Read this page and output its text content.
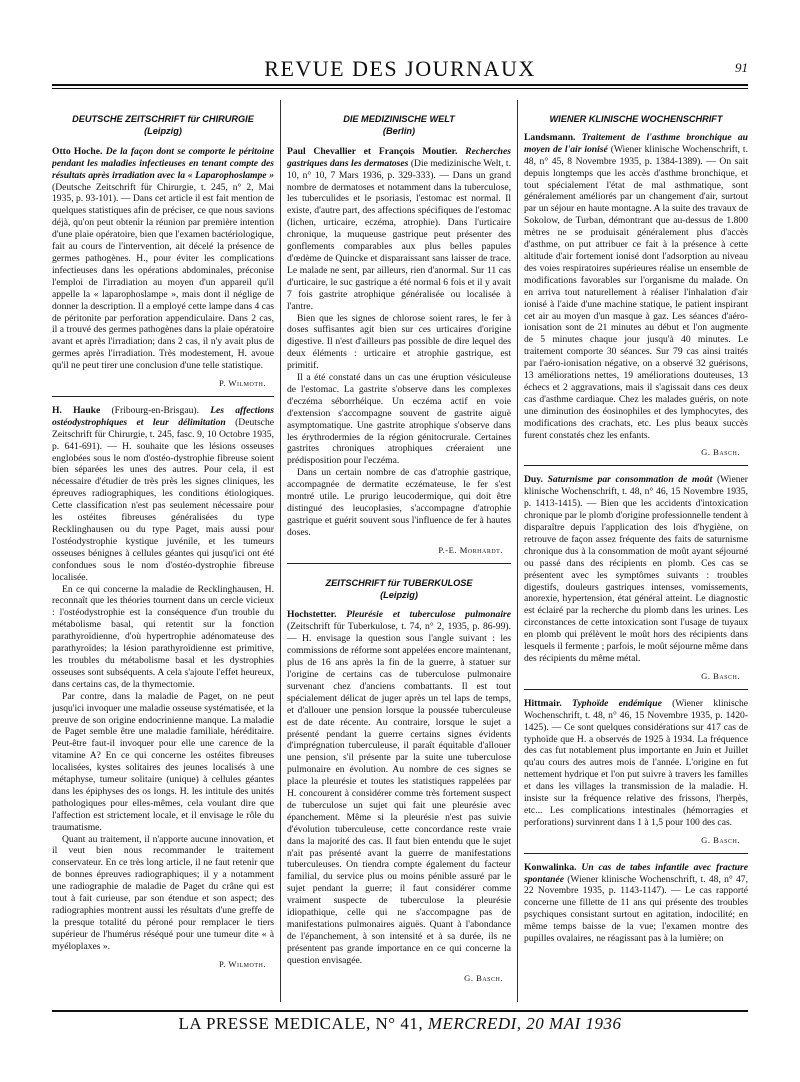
REVUE DES JOURNAUX	91
DEUTSCHE ZEITSCHRIFT für CHIRURGIE
(Leipzig)

Otto Hoche. De la façon dont se comporte le péritoine pendant les maladies infectieuses en tenant compte des résultats après irradiation avec la « Laparophoslampe » (Deutsche Zeitschrift für Chirurgie, t. 245, n° 2, Mai 1935, p. 93-101). — Dans cet article il est fait mention de quelques statistiques afin de préciser, ce que nous savions déjà, qu'on peut obtenir la réunion par première intention d'une plaie opératoire, bien que l'examen bactériologique, fait au cours de l'intervention, ait décelé la présence de germes pathogènes. H., pour éviter les complications infectieuses dans les opérations abdominales, préconise l'emploi de l'irradiation au moyen d'un appareil qu'il appelle la « laparophoslampe », mais dont il néglige de donner la description. Il a employé cette lampe dans 4 cas de péritonite par perforation appendiculaire. Dans 2 cas, il a trouvé des germes pathogènes dans la plaie opératoire avant et après l'irradiation; dans 2 cas, il n'y avait plus de germes après l'irradiation. Très modestement, H. avoue qu'il ne peut tirer une conclusion d'une telle statistique.

P. Wilmoth.

H. Hauke (Fribourg-en-Brisgau). Les affections ostéodystrophiques et leur délimitation (Deutsche Zeitschrift für Chirurgie, t. 245, fasc. 9, 10 Octobre 1935, p. 641-691). — H. souhaite que les lésions osseuses englobées sous le nom d'ostéo-dystrophie fibreuse soient bien séparées les unes des autres. Pour cela, il est nécessaire d'étudier de très près les signes cliniques, les épreuves radiographiques, les conditions étiologiques. Cette classification n'est pas seulement nécessaire pour les ostéites fibreuses généralisées du type Recklinghausen ou du type Paget, mais aussi pour l'ostéodystrophie kystique juvénile, et les tumeurs osseuses bénignes à cellules géantes qui jusqu'ici ont été confondues sous le nom d'ostéo-dystrophie fibreuse localisée.

En ce qui concerne la maladie de Recklinghausen, H. reconnaît que les théories tournent dans un cercle vicieux : l'ostéodystrophie est la conséquence d'un trouble du métabolisme basal, qui retentit sur la fonction parathyroïdienne, d'où hypertrophie adénomateuse des parathyroïdes; la lésion parathyroïdienne est primitive, les troubles du métabolisme basal et les dystrophies osseuses sont subséquents. A cela s'ajoute l'effet heureux, dans certains cas, de la thymectomie.

Par contre, dans la maladie de Paget, on ne peut jusqu'ici invoquer une maladie osseuse systématisée, et la preuve de son origine endocrinienne manque. La maladie de Paget semble être une maladie familiale, héréditaire. Peut-être faut-il invoquer pour elle une carence de la vitamine A? En ce qui concerne les ostéites fibreuses localisées, kystes solitaires des jeunes localisés à une métaphyse, tumeur solitaire (unique) à cellules géantes dans les épiphyses des os longs. H. les intitule des unités pathologiques pour elles-mêmes, cela voulant dire que l'affection est strictement locale, et il envisage le rôle du traumatisme.

Quant au traitement, il n'apporte aucune innovation, et il veut bien nous recommander le traitement conservateur. En ce très long article, il ne faut retenir que de bonnes épreuves radiographiques; il y a notamment une radiographie de maladie de Paget du crâne qui est tout à fait curieuse, par son étendue et son aspect; des radiographies montrent aussi les résultats d'une greffe de la presque totalité du péroné pour remplacer le tiers supérieur de l'humérus réséqué pour une tumeur dite « à myéloplaxes ».

P. Wilmoth.
DIE MEDIZINISCHE WELT
(Berlin)

Paul Chevallier et François Moutier. Recherches gastriques dans les dermatoses (Die medizinische Welt, t. 10, n° 10, 7 Mars 1936, p. 329-333). — Dans un grand nombre de dermatoses et notamment dans la tuberculose, les tuberculides et le psoriasis, l'estomac est normal. Il existe, d'autre part, des affections spécifiques de l'estomac (lichen, urticaire, eczéma, atrophie). Dans l'urticaire chronique, la muqueuse gastrique peut présenter des gonflements comparables aux plus belles papules d'œdème de Quincke et disparaissant sans laisser de trace. Le malade ne sent, par ailleurs, rien d'anormal. Sur 11 cas d'urticaire, le suc gastrique a été normal 6 fois et il y avait 7 fois gastrite atrophique généralisée ou localisée à l'antre.

Bien que les signes de chlorose soient rares, le fer à doses suffisantes agit bien sur ces urticaires d'origine digestive. Il n'est d'ailleurs pas possible de dire lequel des deux éléments : urticaire et atrophie gastrique, est primitif.

Il a été constaté dans un cas une éruption vésiculeuse de l'estomac. La gastrite s'observe dans les complexes d'eczéma séborrhéique. Un eczéma actif en voie d'extension s'accompagne souvent de gastrite aiguë asymptomatique. Une gastrite atrophique s'observe dans les érythrodermies de la région génitocrurale. Certaines gastrites chroniques atrophiques créeraient une prédisposition pour l'eczéma.

Dans un certain nombre de cas d'atrophie gastrique, accompagnée de dermatite eczémateuse, le fer s'est montré utile. Le prurigo leucodermique, qui doit être distingué des leucoplasies, s'accompagne d'atrophie gastrique et guérit souvent sous l'influence de fer à hautes doses.

P.-E. Morhardt.
ZEITSCHRIFT für TUBERKULOSE
(Leipzig)

Hochstetter. Pleurésie et tuberculose pulmonaire (Zeitschrift für Tuberkulose, t. 74, n° 2, 1935, p. 86-99). — H. envisage la question sous l'angle suivant : les commissions de réforme sont appelées encore maintenant, plus de 16 ans après la fin de la guerre, à statuer sur l'origine de certains cas de tuberculose pulmonaire survenant chez d'anciens combattants. Il est tout spécialement délicat de juger après un tel laps de temps, et d'allouer une pension lorsque la poussée tuberculeuse est de date récente. Au contraire, lorsque le sujet a présenté pendant la guerre certains signes évidents d'imprégnation tuberculeuse, il paraît équitable d'allouer une pension, s'il présente par la suite une tuberculose pulmonaire en évolution. Au nombre de ces signes se place la pleurésie et toutes les statistiques rappelées par H. concourent à considérer comme très fortement suspect de tuberculose un sujet qui fait une pleurésie avec épanchement. Même si la pleurésie n'est pas suivie d'évolution tuberculeuse, cette concordance reste vraie dans la majorité des cas. Il faut bien entendu que le sujet n'ait pas présenté avant la guerre de manifestations tuberculeuses. On tiendra compte également du facteur familial, du service plus ou moins pénible assuré par le sujet pendant la guerre; il faut considérer comme vraiment suspecte de tuberculose la pleurésie idiopathique, celle qui ne s'accompagne pas de manifestations pulmonaires aiguës. Quant à l'abondance de l'épanchement, à son intensité et à sa durée, ils ne présentent pas grande importance en ce qui concerne la question envisagée.

G. Basch.
WIENER KLINISCHE WOCHENSCHRIFT

Landsmann. Traitement de l'asthme bronchique au moyen de l'air ionisé (Wiener klinische Wochenschrift, t. 48, n° 45, 8 Novembre 1935, p. 1384-1389). — On sait depuis longtemps que les accès d'asthme bronchique, et tout spécialement l'état de mal asthmatique, sont généralement améliorés par un changement d'air, surtout par un séjour en haute montagne. A la suite des travaux de Sokolow, de Turban, démontrant que au-dessus de 1.800 mètres ne se produisait généralement plus d'accès d'asthme, on put attribuer ce fait à la présence à cette altitude d'air fortement ionisé dont l'adsorption au niveau des voies respiratoires supérieures réalise un ensemble de modifications favorables sur l'organisme du malade. On en arriva tout naturellement à réaliser l'inhalation d'air ionisé à l'aide d'une machine statique, le patient inspirant cet air au moyen d'un masque à gaz. Les séances d'aéro-ionisation sont de 21 minutes au début et l'on augmente de 5 minutes chaque jour jusqu'à 40 minutes. Le traitement comporte 30 séances. Sur 79 cas ainsi traités par l'aéro-ionisation négative, on a observé 32 guérisons, 13 améliorations nettes, 19 améliorations douteuses, 13 échecs et 2 aggravations, mais il s'agissait dans ces deux cas d'asthme cardiaque. Chez les malades guéris, on note une diminution des éosinophiles et des lymphocytes, des modifications des crachats, etc. Les plus beaux succès furent constatés chez les enfants.

G. Basch.

Duy. Saturnisme par consommation de moût (Wiener klinische Wochenschrift, t. 48, n° 46, 15 Novembre 1935, p. 1413-1415). — Bien que les accidents d'intoxication chronique par le plomb d'origine professionnelle tendent à disparaître depuis l'application des lois d'hygiène, on retrouve de façon assez fréquente des faits de saturnisme chronique dus à la consommation de moût ayant séjourné ou passé dans des récipients en plomb. Ces cas se présentent avec les symptômes suivants : troubles digestifs, douleurs gastriques intenses, vomissements, anorexie, hypertension, état général atteint. Le diagnostic est éclairé par la recherche du plomb dans les urines. Les circonstances de cette intoxication sont l'usage de tuyaux en plomb qui prélèvent le moût hors des récipients dans lesquels il fermente ; parfois, le moût séjourne même dans des récipients du même métal.

G. Basch.

Hittmair. Typhoïde endémique (Wiener klinische Wochenschrift, t. 48, n° 46, 15 Novembre 1935, p. 1420-1425). — Ce sont quelques considérations sur 417 cas de typhoïde que H. a observés de 1925 à 1934. La fréquence des cas fut notablement plus importante en Juin et Juillet qu'au cours des autres mois de l'année. L'origine en fut nettement hydrique et l'on put suivre à travers les familles et dans les villages la transmission de la maladie. H. insiste sur la fréquence relative des frissons, l'herpès, etc... Les complications intestinales (hémorragies et perforations) survinrent dans 1 à 1,5 pour 100 des cas.

G. Basch.

Konwalinka. Un cas de tabes infantile avec fracture spontanée (Wiener klinische Wochenschrift, t. 48, n° 47, 22 Novembre 1935, p. 1143-1147). — Le cas rapporté concerne une fillette de 11 ans qui présente des troubles psychiques consistant surtout en agitation, indocilité; en même temps baisse de la vue; l'examen montre des pupilles ovalaires, ne réagissant pas à la lumière; on

LA PRESSE MEDICALE, N° 41, MERCREDI, 20 MAI 1936
